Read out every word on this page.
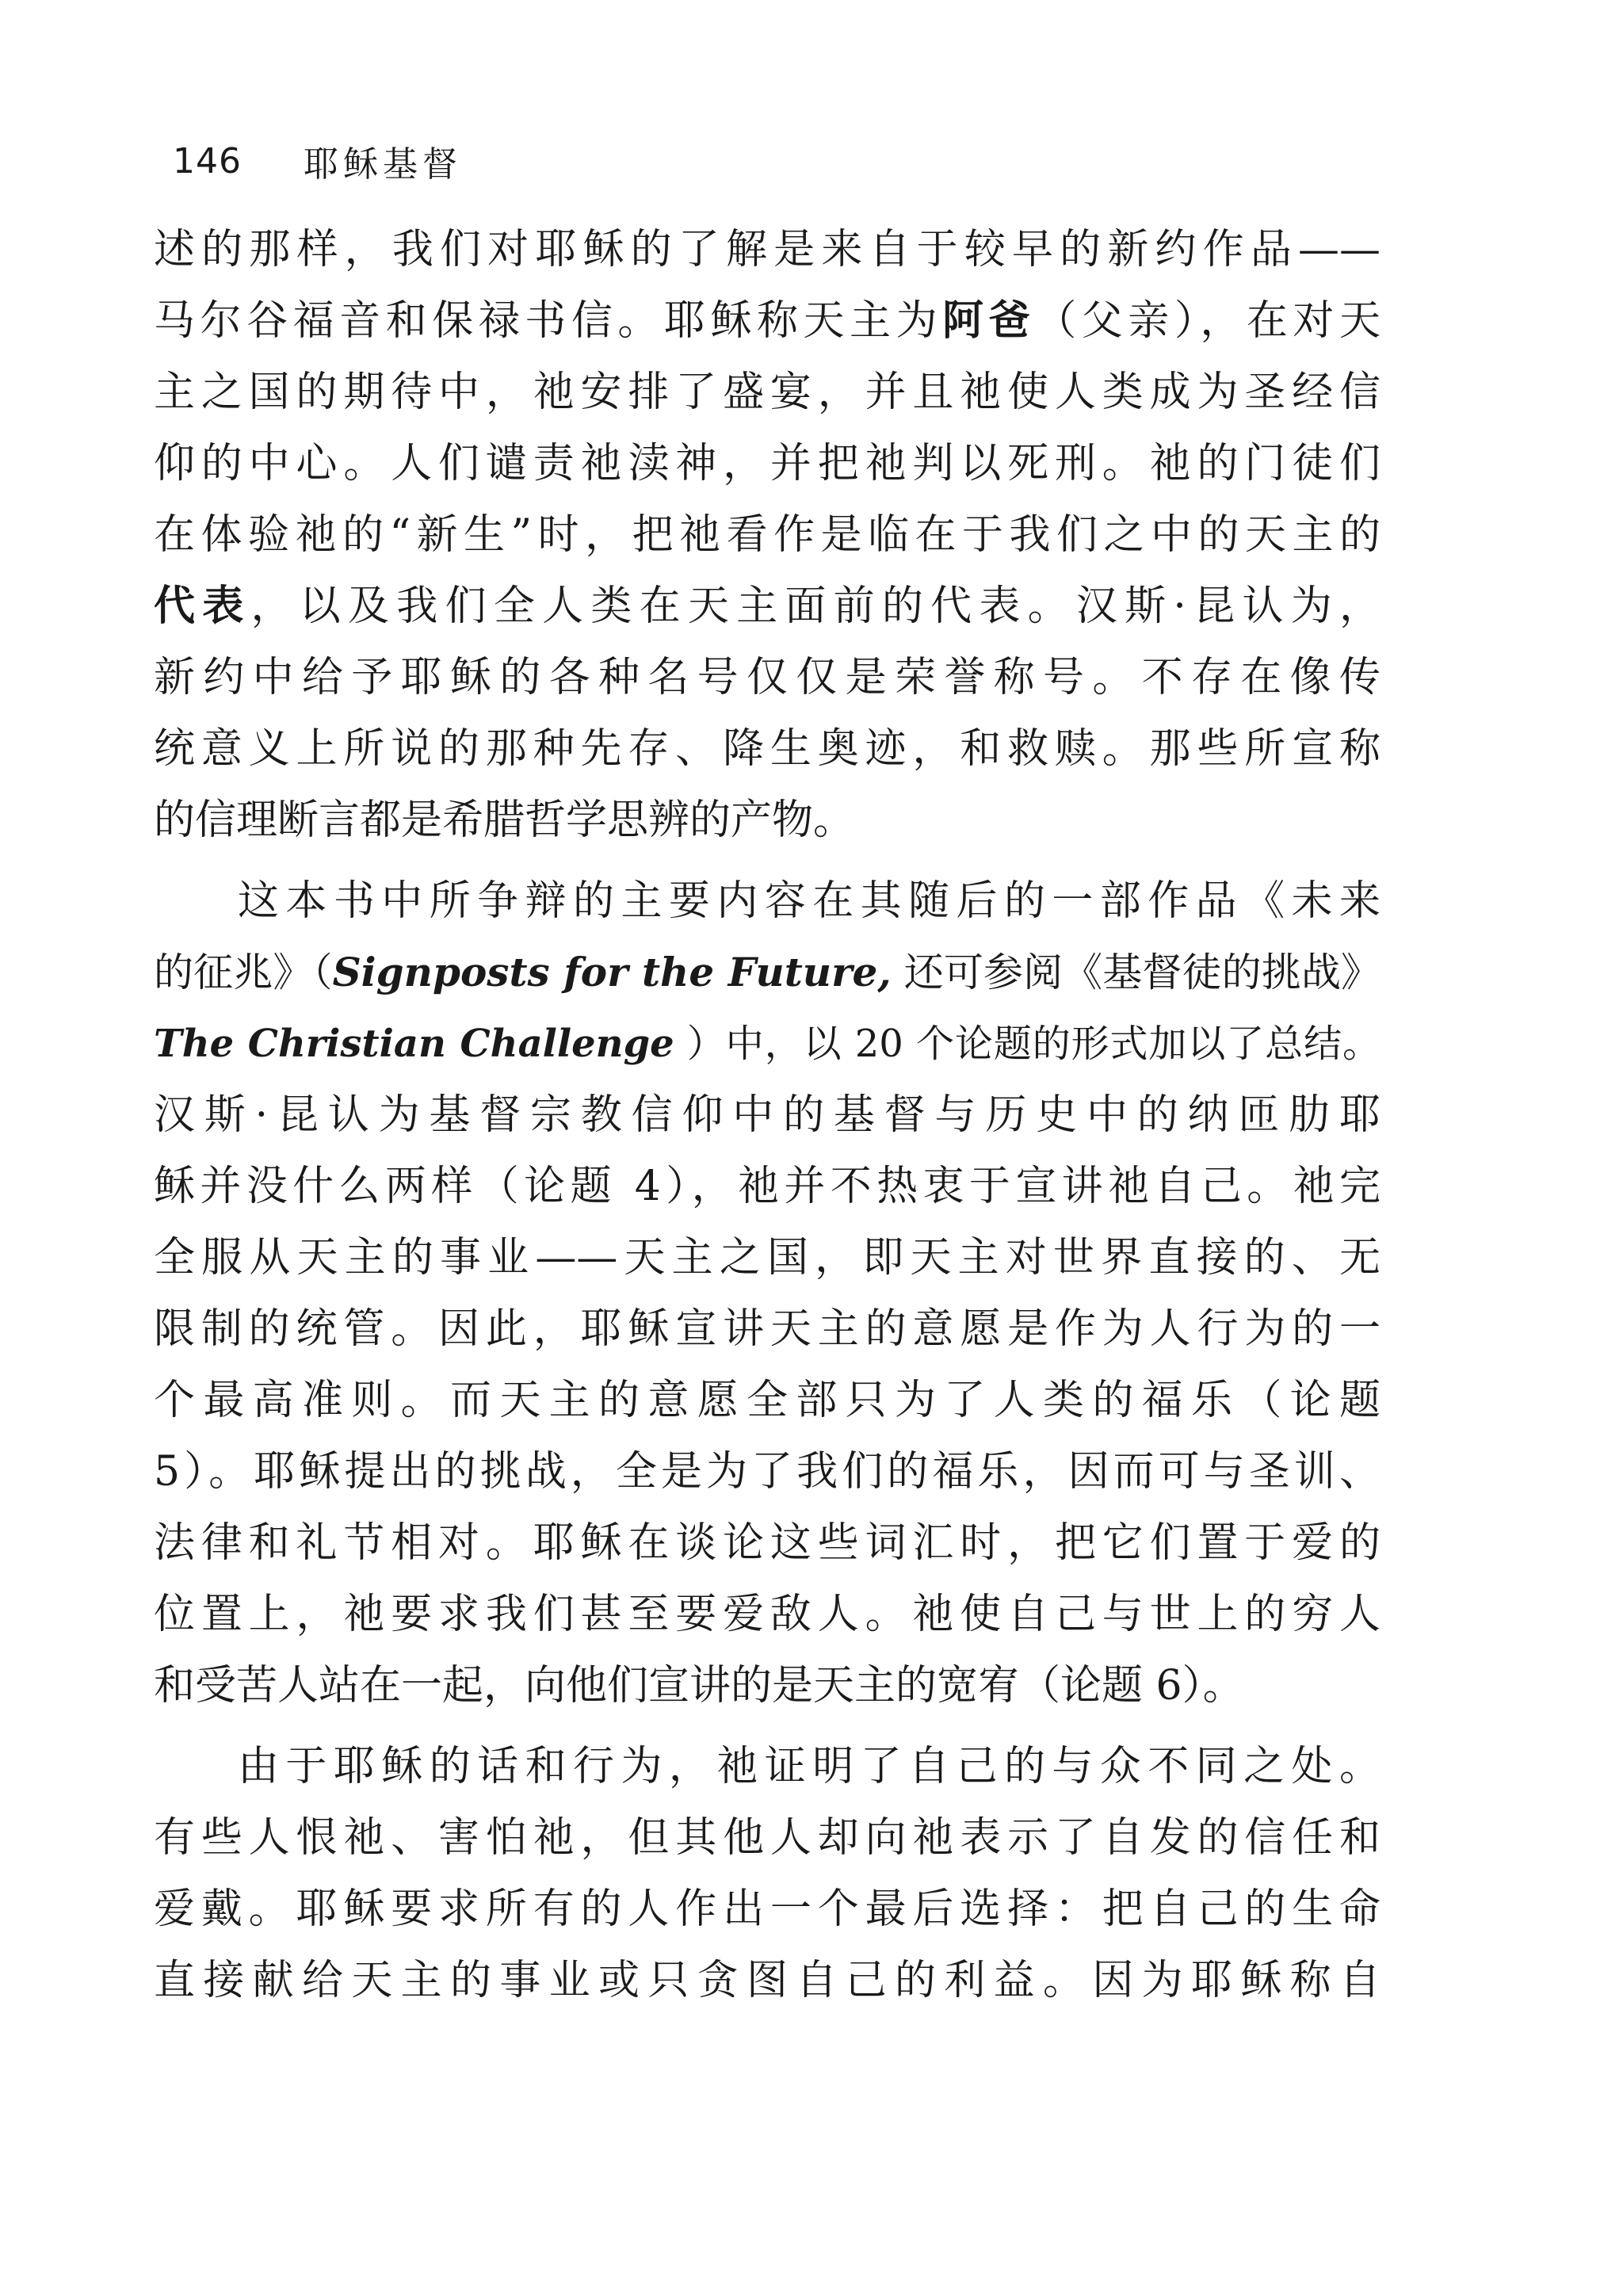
146 耶稣基督
述的那样，我们对耶稣的了解是来自于较早的新约作品——
马尔谷福音和保禄书信。耶稣称天主为阿爸（父亲），在对天
主之国的期待中，祂安排了盛宴，并且祂使人类成为圣经信
仰的中心。人们谴责祂渎神，并把祂判以死刑。祂的门徒们
在体验祂的“新生”时，把祂看作是临在于我们之中的天主的
代表，以及我们全人类在天主面前的代表。汉斯·昆认为，
新约中给予耶稣的各种名号仅仅是荣誉称号。不存在像传
统意义上所说的那种先存、降生奥迹，和救赎。那些所宣称
的信理断言都是希腊哲学思辨的产物。
这本书中所争辩的主要内容在其随后的一部作品《未来
的征兆》（Signposts for the Future, 还可参阅《基督徒的挑战》
The Christian Challenge ）中，以 20 个论题的形式加以了总结。
汉斯·昆认为基督宗教信仰中的基督与历史中的纳匝肋耶
稣并没什么两样（论题 4），祂并不热衷于宣讲祂自己。祂完
全服从天主的事业——天主之国，即天主对世界直接的、无
限制的统管。因此，耶稣宣讲天主的意愿是作为人行为的一
个最高准则。而天主的意愿全部只为了人类的福乐（论题
5）。耶稣提出的挑战，全是为了我们的福乐，因而可与圣训、
法律和礼节相对。耶稣在谈论这些词汇时，把它们置于爱的
位置上，祂要求我们甚至要爱敌人。祂使自己与世上的穷人
和受苦人站在一起，向他们宣讲的是天主的宽宥（论题 6）。
由于耶稣的话和行为，祂证明了自己的与众不同之处。
有些人恨祂、害怕祂，但其他人却向祂表示了自发的信任和
爱戴。耶稣要求所有的人作出一个最后选择：把自己的生命
直接献给天主的事业或只贪图自己的利益。因为耶稣称自
